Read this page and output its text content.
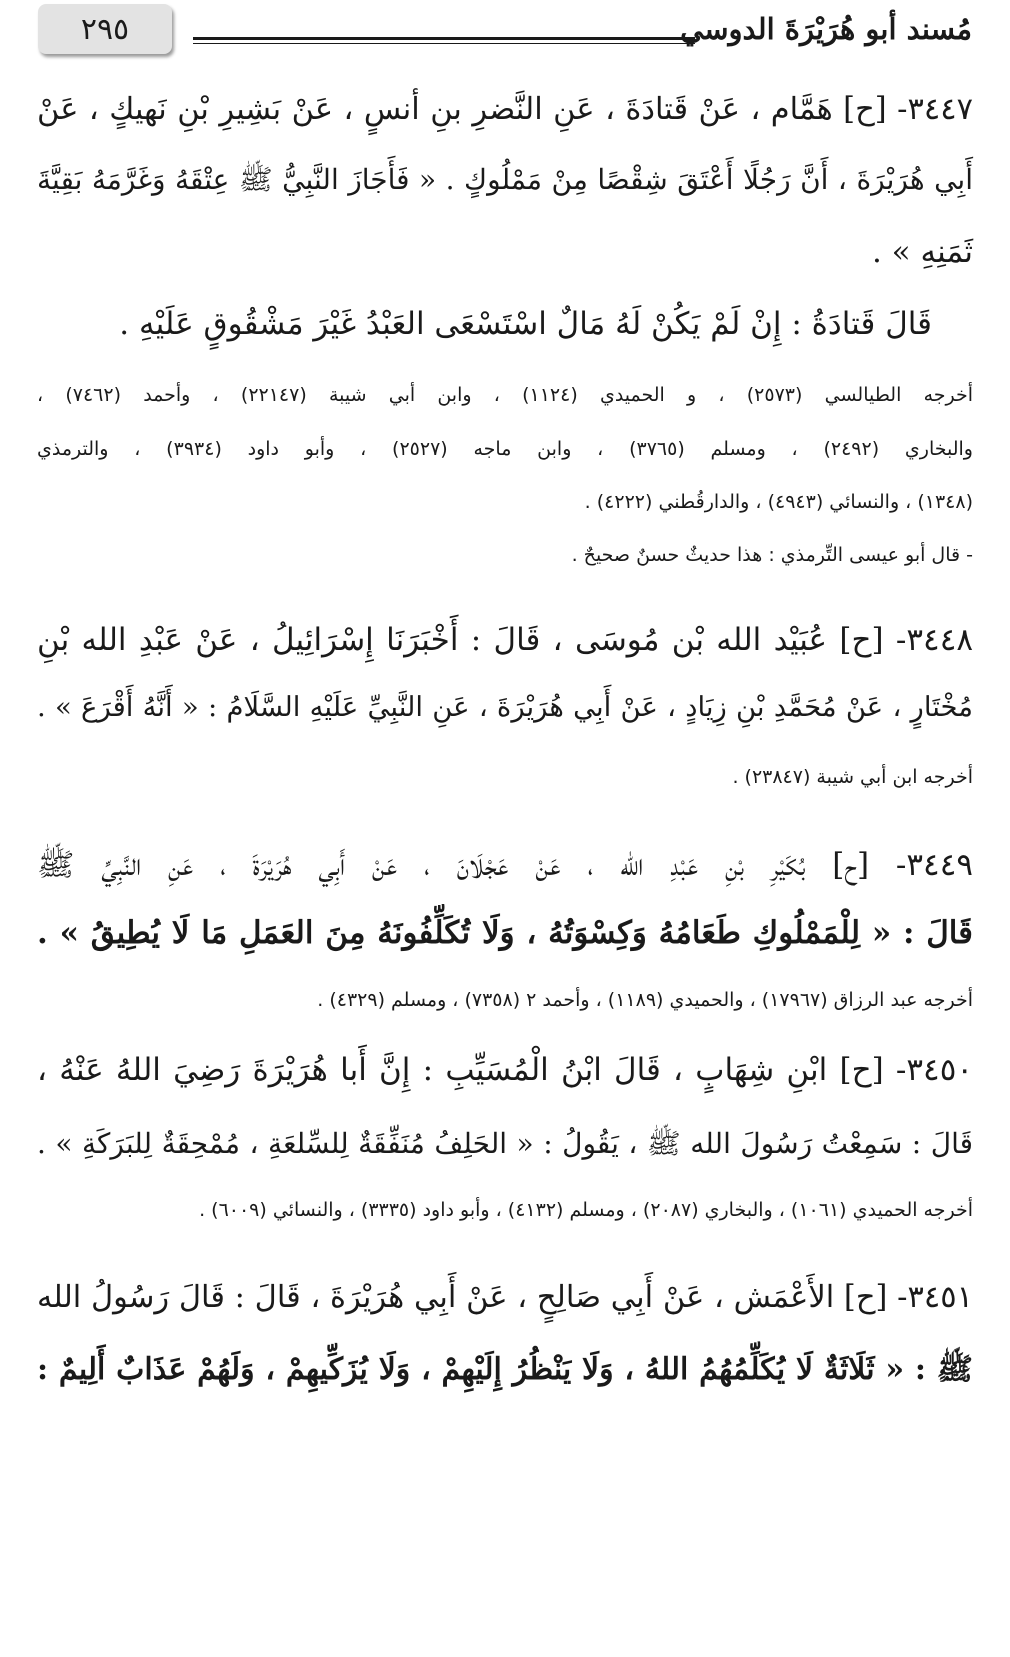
٢٩٥	مُسند أبو هُرَيْرَةَ الدوسي
٣٤٤٧- [ح] هَمَّام ، عَنْ قَتادَةَ ، عَنِ النَّضرِ بنِ أنسٍ ، عَنْ بَشِيرِ بْنِ نَهيكٍ ، عَنْ
أَبِي هُرَيْرَةَ ، أَنَّ رَجُلًا أَعْتَقَ شِقْصًا مِنْ مَمْلُوكٍ . « فَأَجَازَ النَّبِيُّ ﷺ عِتْقَهُ وَغَرَّمَهُ بَقِيَّةَ
ثَمَنِهِ » .
قَالَ قَتادَةُ : إِنْ لَمْ يَكُنْ لَهُ مَالٌ اسْتَسْعَى العَبْدُ غَيْرَ مَشْقُوقٍ عَلَيْهِ .
أخرجه الطيالسي (٢٥٧٣) ، و الحميدي (١١٢٤) ، وابن أبي شيبة (٢٢١٤٧) ، وأحمد (٧٤٦٢) ،
والبخاري (٢٤٩٢) ، ومسلم (٣٧٦٥) ، وابن ماجه (٢٥٢٧) ، وأبو داود (٣٩٣٤) ، والترمذي
(١٣٤٨) ، والنسائي (٤٩٤٣) ، والدارقُطني (٤٢٢٢) .
- قال أبو عيسى التِّرمذي : هذا حديثٌ حسنٌ صحيحٌ .
٣٤٤٨- [ح] عُبَيْد الله بْن مُوسَى ، قَالَ : أَخْبَرَنَا إِسْرَائِيلُ ، عَنْ عَبْدِ الله بْنِ
مُخْتَارٍ ، عَنْ مُحَمَّدِ بْنِ زِيَادٍ ، عَنْ أَبِي هُرَيْرَةَ ، عَنِ النَّبِيِّ عَلَيْهِ السَّلَامُ : « أَنَّهُ أَقْرَعَ » .
أخرجه ابن أبي شيبة (٢٣٨٤٧) .
٣٤٤٩- [ح] بُكَيْرِ بْنِ عَبْدِ الله ، عَنْ عَجْلَانَ ، عَنْ أَبِي هُرَيْرَةَ ، عَنِ النَّبِيِّ ﷺ
قَالَ : « لِلْمَمْلُوكِ طَعَامُهُ وَكِسْوَتُهُ ، وَلَا تُكَلِّفُونَهُ مِنَ العَمَلِ مَا لَا يُطِيقُ » .
أخرجه عبد الرزاق (١٧٩٦٧) ، والحميدي (١١٨٩) ، وأحمد ٢ (٧٣٥٨) ، ومسلم (٤٣٢٩) .
٣٤٥٠- [ح] ابْنِ شِهَابٍ ، قَالَ ابْنُ الْمُسَيِّبِ : إِنَّ أَبا هُرَيْرَةَ رَضِيَ اللهُ عَنْهُ ،
قَالَ : سَمِعْتُ رَسُولَ الله ﷺ ، يَقُولُ : « الحَلِفُ مُنَفِّقَةٌ لِلسِّلعَةِ ، مُمْحِقَةٌ لِلبَرَكَةِ » .
أخرجه الحميدي (١٠٦١) ، والبخاري (٢٠٨٧) ، ومسلم (٤١٣٢) ، وأبو داود (٣٣٣٥) ، والنسائي (٦٠٠٩) .
٣٤٥١- [ح] الأَعْمَش ، عَنْ أَبِي صَالِحٍ ، عَنْ أَبِي هُرَيْرَةَ ، قَالَ : قَالَ رَسُولُ الله
ﷺ : « ثَلَاثَةٌ لَا يُكَلِّمُهُمُ اللهُ ، وَلَا يَنْظُرُ إِلَيْهِمْ ، وَلَا يُزَكِّيهِمْ ، وَلَهُمْ عَذَابٌ أَلِيمٌ :
